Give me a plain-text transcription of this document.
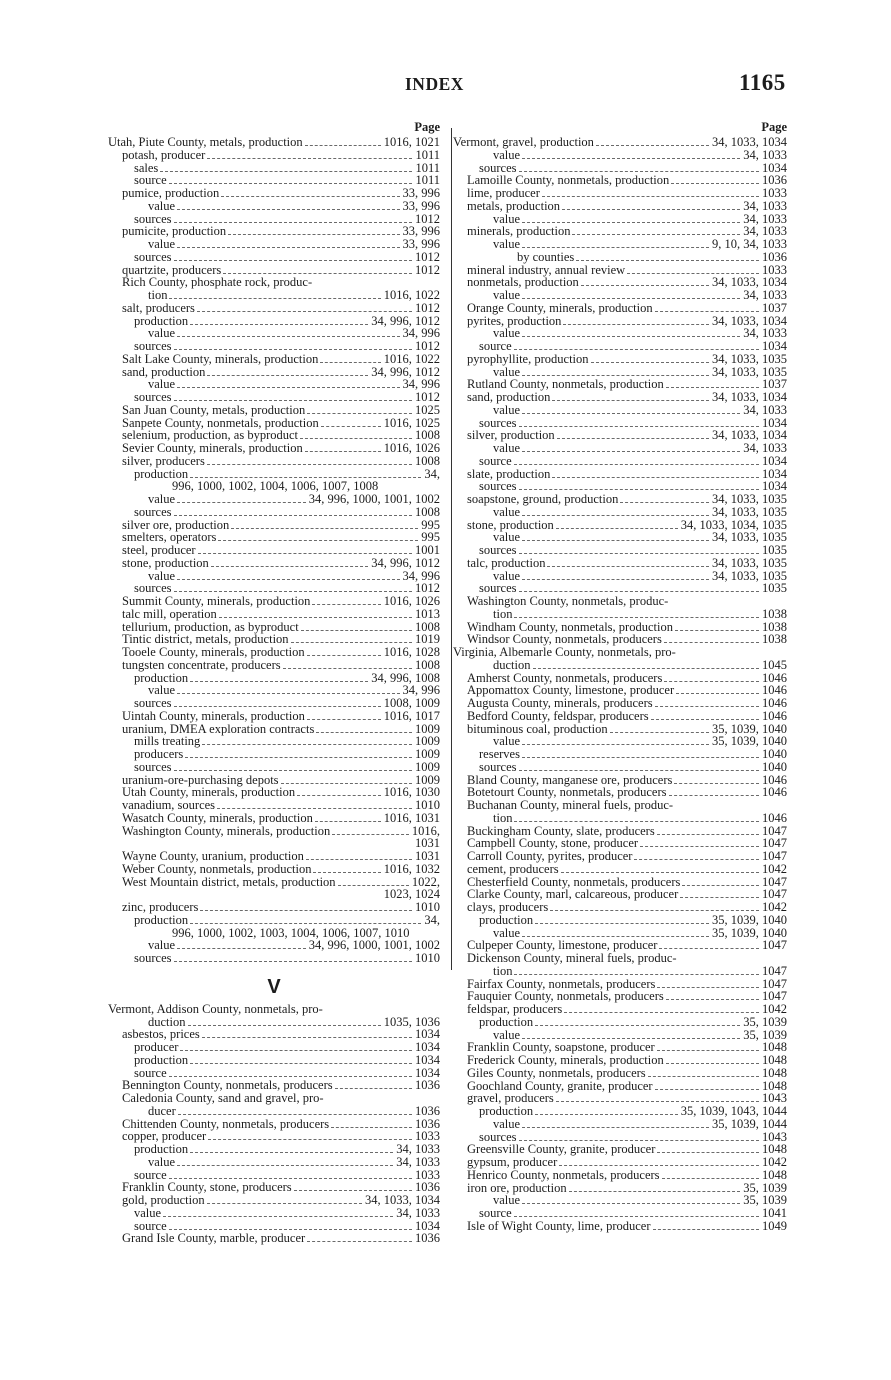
INDEX	1165
Page
Utah, Piute County, metals, production	1016, 1021
potash, producer	1011
sales	1011
source	1011
pumice, production	33, 996
value	33, 996
sources	1012
pumicite, production	33, 996
value	33, 996
sources	1012
quartzite, producers	1012
Rich County, phosphate rock, produc-
tion	1016, 1022
salt, producers	1012
production	34, 996, 1012
value	34, 996
sources	1012
Salt Lake County, minerals, production	1016, 1022
sand, production	34, 996, 1012
value	34, 996
sources	1012
San Juan County, metals, production	1025
Sanpete County, nonmetals, production	1016, 1025
selenium, production, as byproduct	1008
Sevier County, minerals, production	1016, 1026
silver, producers	1008
production	34,
996, 1000, 1002, 1004, 1006, 1007, 1008
value	34, 996, 1000, 1001, 1002
sources	1008
silver ore, production	995
smelters, operators	995
steel, producer	1001
stone, production	34, 996, 1012
value	34, 996
sources	1012
Summit County, minerals, production	1016, 1026
talc mill, operation	1013
tellurium, production, as byproduct	1008
Tintic district, metals, production	1019
Tooele County, minerals, production	1016, 1028
tungsten concentrate, producers	1008
production	34, 996, 1008
value	34, 996
sources	1008, 1009
Uintah County, minerals, production	1016, 1017
uranium, DMEA exploration contracts	1009
mills treating	1009
producers	1009
sources	1009
uranium-ore-purchasing depots	1009
Utah County, minerals, production	1016, 1030
vanadium, sources	1010
Wasatch County, minerals, production	1016, 1031
Washington County, minerals, production	1016,
1031
Wayne County, uranium, production	1031
Weber County, nonmetals, production	1016, 1032
West Mountain district, metals, production	1022,
1023, 1024
zinc, producers	1010
production	34,
996, 1000, 1002, 1003, 1004, 1006, 1007, 1010
value	34, 996, 1000, 1001, 1002
sources	1010
V
Vermont, Addison County, nonmetals, pro-
duction	1035, 1036
asbestos, prices	1034
producer	1034
production	1034
source	1034
Bennington County, nonmetals, producers	1036
Caledonia County, sand and gravel, pro-
ducer	1036
Chittenden County, nonmetals, producers	1036
copper, producer	1033
production	34, 1033
value	34, 1033
source	1033
Franklin County, stone, producers	1036
gold, production	34, 1033, 1034
value	34, 1033
source	1034
Grand Isle County, marble, producer	1036
Page
Vermont, gravel, production	34, 1033, 1034
value	34, 1033
sources	1034
Lamoille County, nonmetals, production	1036
lime, producer	1033
metals, production	34, 1033
value	34, 1033
minerals, production	34, 1033
value	9, 10, 34, 1033
by counties	1036
mineral industry, annual review	1033
nonmetals, production	34, 1033, 1034
value	34, 1033
Orange County, minerals, production	1037
pyrites, production	34, 1033, 1034
value	34, 1033
source	1034
pyrophyllite, production	34, 1033, 1035
value	34, 1033, 1035
Rutland County, nonmetals, production	1037
sand, production	34, 1033, 1034
value	34, 1033
sources	1034
silver, production	34, 1033, 1034
value	34, 1033
source	1034
slate, production	1034
sources	1034
soapstone, ground, production	34, 1033, 1035
value	34, 1033, 1035
stone, production	34, 1033, 1034, 1035
value	34, 1033, 1035
sources	1035
talc, production	34, 1033, 1035
value	34, 1033, 1035
sources	1035
Washington County, nonmetals, produc-
tion	1038
Windham County, nonmetals, production	1038
Windsor County, nonmetals, producers	1038
Virginia, Albemarle County, nonmetals, pro-
duction	1045
Amherst County, nonmetals, producers	1046
Appomattox County, limestone, producer	1046
Augusta County, minerals, producers	1046
Bedford County, feldspar, producers	1046
bituminous coal, production	35, 1039, 1040
value	35, 1039, 1040
reserves	1040
sources	1040
Bland County, manganese ore, producers	1046
Botetourt County, nonmetals, producers	1046
Buchanan County, mineral fuels, produc-
tion	1046
Buckingham County, slate, producers	1047
Campbell County, stone, producer	1047
Carroll County, pyrites, producer	1047
cement, producers	1042
Chesterfield County, nonmetals, producers	1047
Clarke County, marl, calcareous, producer	1047
clays, producers	1042
production	35, 1039, 1040
value	35, 1039, 1040
Culpeper County, limestone, producer	1047
Dickenson County, mineral fuels, produc-
tion	1047
Fairfax County, nonmetals, producers	1047
Fauquier County, nonmetals, producers	1047
feldspar, producers	1042
production	35, 1039
value	35, 1039
Franklin County, soapstone, producer	1048
Frederick County, minerals, production	1048
Giles County, nonmetals, producers	1048
Goochland County, granite, producer	1048
gravel, producers	1043
production	35, 1039, 1043, 1044
value	35, 1039, 1044
sources	1043
Greensville County, granite, producer	1048
gypsum, producer	1042
Henrico County, nonmetals, producers	1048
iron ore, production	35, 1039
value	35, 1039
source	1041
Isle of Wight County, lime, producer	1049
